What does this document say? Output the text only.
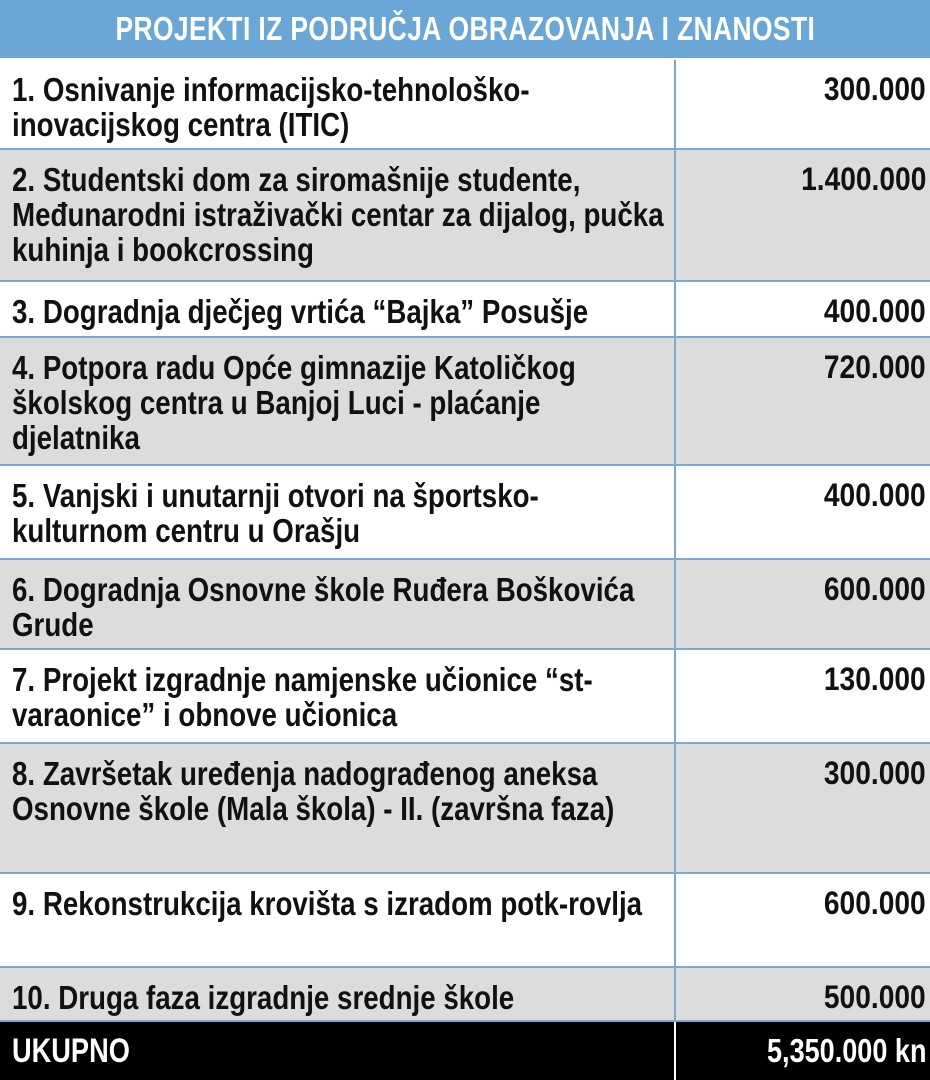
PROJEKTI IZ PODRUČJA OBRAZOVANJA I ZNANOSTI
1. Osnivanje informacijsko-tehnološko-inovacijskog centra (ITIC)
300.000
2. Studentski dom za siromašnije studente, Međunarodni istraživački centar za dijalog, pučka kuhinja i bookcrossing
1.400.000
3. Dogradnja dječjeg vrtića “Bajka” Posušje	400.000
4. Potpora radu Opće gimnazije Katoličkog školskog centra u Banjoj Luci - plaćanje djelatnika
720.000
5. Vanjski i unutarnji otvori na športsko-kulturnom centru u Orašju
400.000
6. Dogradnja Osnovne škole Ruđera Boškovića Grude
600.000
7. Projekt izgradnje namjenske učionice “st-varaonice” i obnove učionica
130.000
8. Završetak uređenja nadograđenog aneksa Osnovne škole (Mala škola) - II. (završna faza)
300.000
9. Rekonstrukcija krovišta s izradom potk-rovlja	600.000
10. Druga faza izgradnje srednje škole	500.000
UKUPNO	5,350.000 kn
